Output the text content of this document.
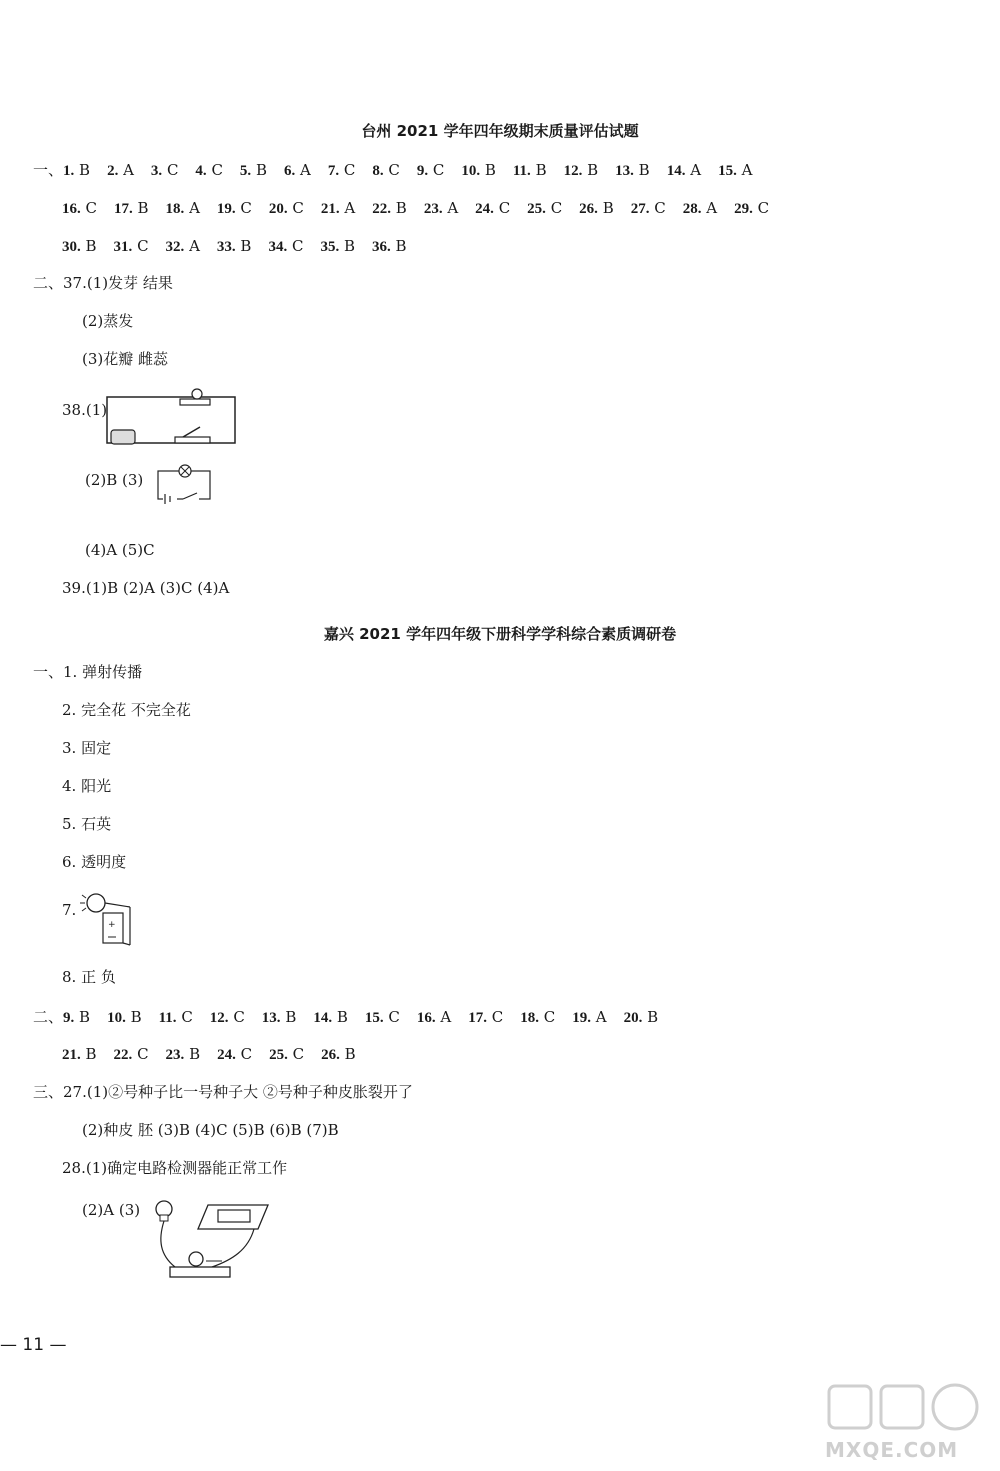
台州 2021 学年四年级期末质量评估试题
一、1. B 2. A 3. C 4. C 5. B 6. A 7. C 8. C 9. C 10. B 11. B 12. B 13. B 14. A 15. A
16. C 17. B 18. A 19. C 20. C 21. A 22. B 23. A 24. C 25. C 26. B 27. C 28. A 29. C
30. B 31. C 32. A 33. B 34. C 35. B 36. B
二、37.(1)发芽 结果
(2)蒸发
(3)花瓣 雌蕊
38.(1)
(2)B (3)
(4)A (5)C
39.(1)B (2)A (3)C (4)A
嘉兴 2021 学年四年级下册科学学科综合素质调研卷
一、1. 弹射传播
2. 完全花 不完全花
3. 固定
4. 阳光
5. 石英
6. 透明度
7.
+
8. 正 负
二、9. B 10. B 11. C 12. C 13. B 14. B 15. C 16. A 17. C 18. C 19. A 20. B
21. B 22. C 23. B 24. C 25. C 26. B
三、27.(1)②号种子比一号种子大 ②号种子种皮胀裂开了
(2)种皮 胚 (3)B (4)C (5)B (6)B (7)B
28.(1)确定电路检测器能正常工作
(2)A (3)
— 11 —
MXQE.COM
